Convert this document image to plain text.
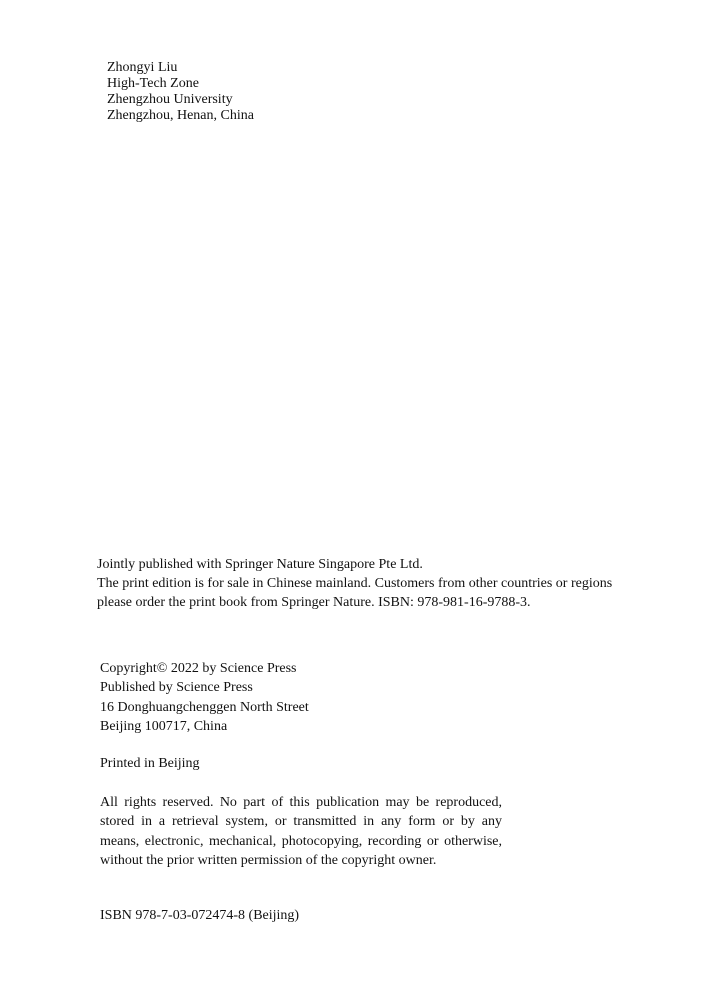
Zhongyi Liu
High-Tech Zone
Zhengzhou University
Zhengzhou, Henan, China
Jointly published with Springer Nature Singapore Pte Ltd.
The print edition is for sale in Chinese mainland. Customers from other countries or regions
please order the print book from Springer Nature. ISBN: 978-981-16-9788-3.
Copyright© 2022 by Science Press
Published by Science Press
16 Donghuangchenggen North Street
Beijing 100717, China
Printed in Beijing
All rights reserved. No part of this publication may be reproduced,
stored in a retrieval system, or transmitted in any form or by any
means, electronic, mechanical, photocopying, recording or otherwise,
without the prior written permission of the copyright owner.
ISBN 978-7-03-072474-8 (Beijing)
